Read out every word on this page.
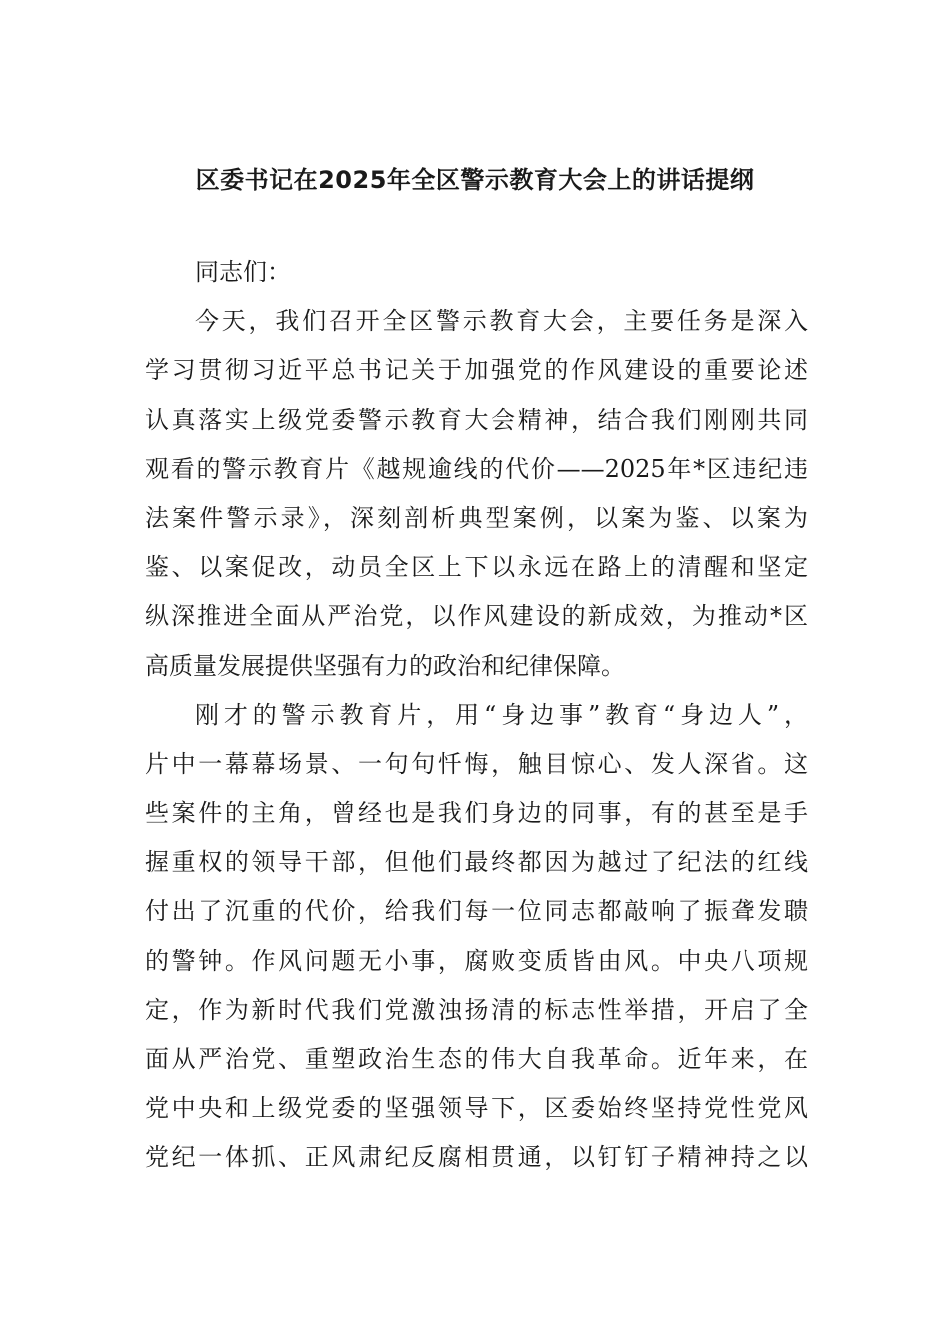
区委书记在2025年全区警示教育大会上的讲话提纲
同志们：
今天，我们召开全区警示教育大会，主要任务是深入
学习贯彻习近平总书记关于加强党的作风建设的重要论述
认真落实上级党委警示教育大会精神，结合我们刚刚共同
观看的警示教育片《越规逾线的代价——2025年*区违纪违
法案件警示录》，深刻剖析典型案例，以案为鉴、以案为
鉴、以案促改，动员全区上下以永远在路上的清醒和坚定
纵深推进全面从严治党，以作风建设的新成效，为推动*区
高质量发展提供坚强有力的政治和纪律保障。
刚才的警示教育片，用“身边事”教育“身边人”，
片中一幕幕场景、一句句忏悔，触目惊心、发人深省。这
些案件的主角，曾经也是我们身边的同事，有的甚至是手
握重权的领导干部，但他们最终都因为越过了纪法的红线
付出了沉重的代价，给我们每一位同志都敲响了振聋发聩
的警钟。作风问题无小事，腐败变质皆由风。中央八项规
定，作为新时代我们党激浊扬清的标志性举措，开启了全
面从严治党、重塑政治生态的伟大自我革命。近年来，在
党中央和上级党委的坚强领导下，区委始终坚持党性党风
党纪一体抓、正风肃纪反腐相贯通，以钉钉子精神持之以
